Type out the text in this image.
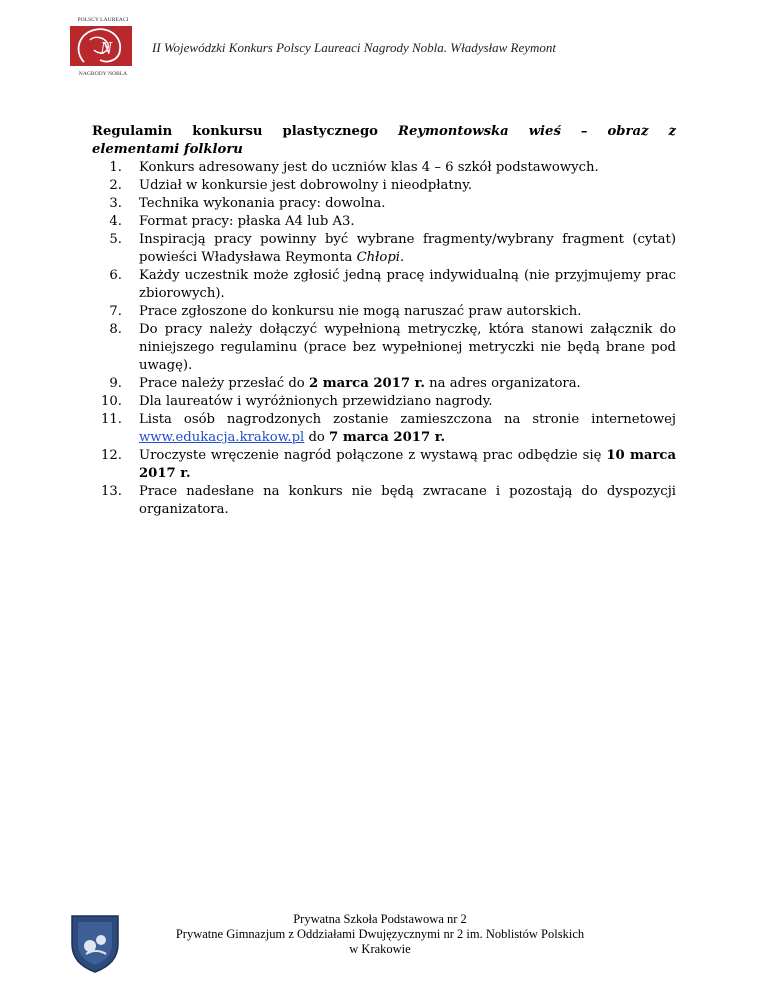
POLSCY LAUREACI
N
NAGRODY NOBLA
II Wojewódzki Konkurs Polscy Laureaci Nagrody Nobla. Władysław Reymont
Regulamin konkursu plastycznego Reymontowska wieś – obraz z
elementami folkloru
1. Konkurs adresowany jest do uczniów klas 4 – 6 szkół podstawowych.
2. Udział w konkursie jest dobrowolny i nieodpłatny.
3. Technika wykonania pracy: dowolna.
4. Format pracy: płaska A4 lub A3.
5. Inspiracją pracy powinny być wybrane fragmenty/wybrany fragment (cytat) powieści Władysława Reymonta Chłopi.
6. Każdy uczestnik może zgłosić jedną pracę indywidualną (nie przyjmujemy prac zbiorowych).
7. Prace zgłoszone do konkursu nie mogą naruszać praw autorskich.
8. Do pracy należy dołączyć wypełnioną metryczkę, która stanowi załącznik do niniejszego regulaminu (prace bez wypełnionej metryczki nie będą brane pod uwagę).
9. Prace należy przesłać do 2 marca 2017 r. na adres organizatora.
10. Dla laureatów i wyróżnionych przewidziano nagrody.
11. Lista osób nagrodzonych zostanie zamieszczona na stronie internetowej www.edukacja.krakow.pl do 7 marca 2017 r.
12. Uroczyste wręczenie nagród połączone z wystawą prac odbędzie się 10 marca 2017 r.
13. Prace nadesłane na konkurs nie będą zwracane i pozostają do dyspozycji organizatora.
Prywatna Szkoła Podstawowa nr 2
Prywatne Gimnazjum z Oddziałami Dwujęzycznymi nr 2 im. Noblistów Polskich
w Krakowie
